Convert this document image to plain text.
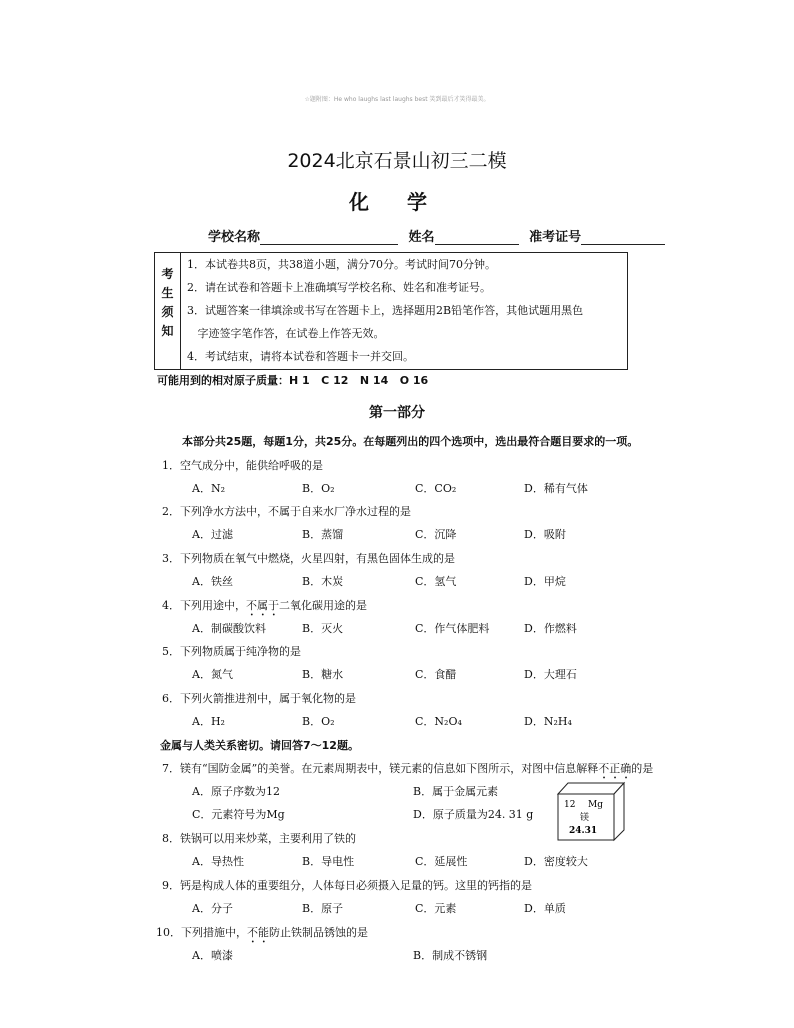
☆题附图：He who laughs last laughs best 笑到最后才笑得最美。
2024北京石景山初三二模
化学
学校名称	姓名	准考证号
考
生
须
知
1．本试卷共8页，共38道小题，满分70分。考试时间70分钟。
2．请在试卷和答题卡上准确填写学校名称、姓名和准考证号。
3．试题答案一律填涂或书写在答题卡上，选择题用2B铅笔作答，其他试题用黑色
字迹签字笔作答，在试卷上作答无效。
4．考试结束，请将本试卷和答题卡一并交回。
可能用到的相对原子质量：H 1   C 12   N 14   O 16
第一部分
本部分共25题，每题1分，共25分。在每题列出的四个选项中，选出最符合题目要求的一项。
1．空气成分中，能供给呼吸的是
A．N₂	B．O₂	C．CO₂	D．稀有气体
2．下列净水方法中，不属于自来水厂净水过程的是
A．过滤	B．蒸馏	C．沉降	D．吸附
3．下列物质在氧气中燃烧，火星四射，有黑色固体生成的是
A．铁丝	B．木炭	C．氢气	D．甲烷
4．下列用途中，不属于二氧化碳用途的是
A．制碳酸饮料	B．灭火	C．作气体肥料	D．作燃料
5．下列物质属于纯净物的是
A．氮气	B．糖水	C．食醋	D．大理石
6．下列火箭推进剂中，属于氧化物的是
A．H₂	B．O₂	C．N₂O₄	D．N₂H₄
金属与人类关系密切。请回答7～12题。
7．镁有“国防金属”的美誉。在元素周期表中，镁元素的信息如下图所示，对图中信息解释不正确的是
A．原子序数为12	B．属于金属元素
C．元素符号为Mg	D．原子质量为24. 31 g
12 Mg
镁
24.31
8．铁锅可以用来炒菜，主要利用了铁的
A．导热性	B．导电性	C．延展性	D．密度较大
9．钙是构成人体的重要组分，人体每日必须摄入足量的钙。这里的钙指的是
A．分子	B．原子	C．元素	D．单质
10．下列措施中，不能防止铁制品锈蚀的是
A．喷漆	B．制成不锈钢
